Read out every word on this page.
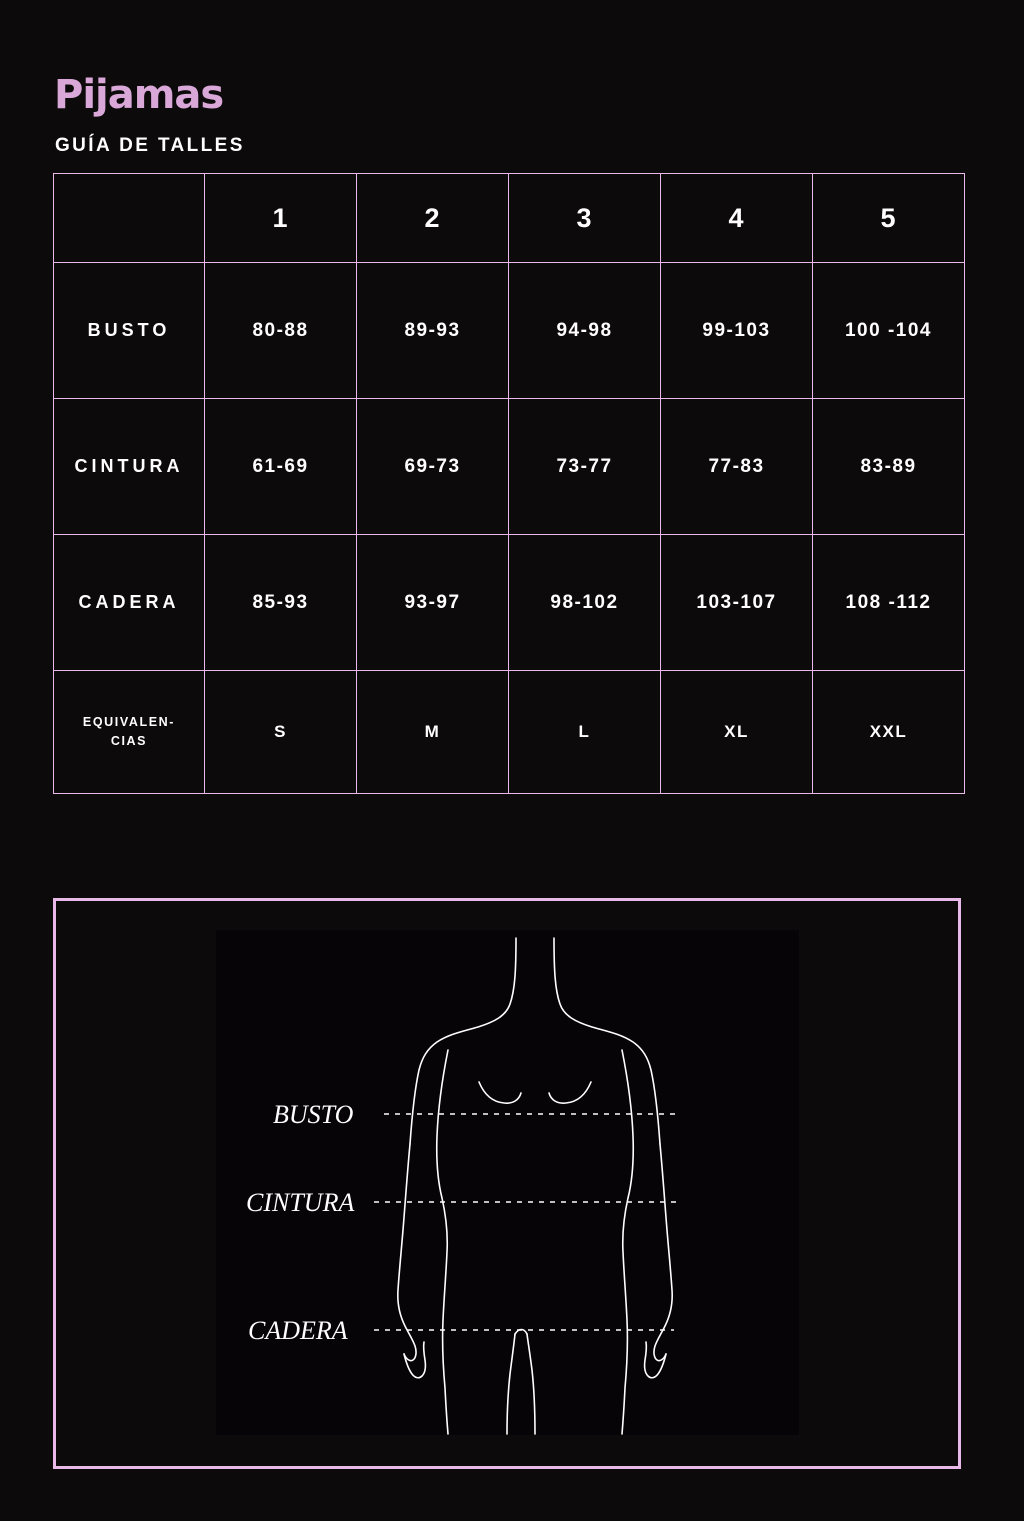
Pijamas
GUÍA DE TALLES
	1	2	3	4	5
BUSTO	80-88	89-93	94-98	99-103	100 -104
CINTURA	61-69	69-73	73-77	77-83	83-89
CADERA	85-93	93-97	98-102	103-107	108 -112

EQUIVALEN-
CIAS	S	M	L	XL	XXL
BUSTO
CINTURA
CADERA
